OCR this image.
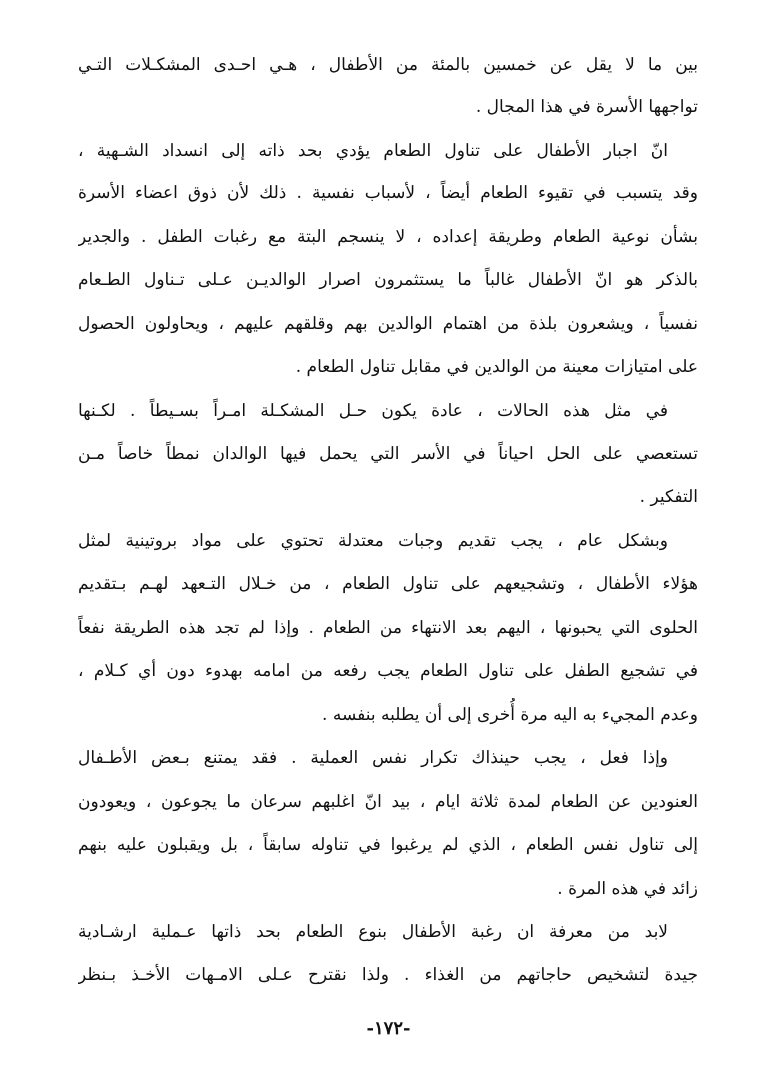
بين ما لا يقل عن خمسين بالمئة من الأطفال ، هـي احـدى المشكـلات التـي
تواجهها الأسرة في هذا المجال .
انّ اجبار الأطفال على تناول الطعام يؤدي بحد ذاته إلى انسداد الشـهية ،
وقد يتسبب في تقيوء الطعام أيضاً ، لأسباب نفسية . ذلك لأن ذوق اعضاء الأسرة
بشأن نوعية الطعام وطريقة إعداده ، لا ينسجم البتة مع رغبات الطفل . والجدير
بالذكر هو انّ الأطفال غالباً ما يستثمرون اصرار الوالديـن عـلى تـناول الطـعام
نفسياً ، ويشعرون بلذة من اهتمام الوالدين بهم وقلقهم عليهم ، ويحاولون الحصول
على امتيازات معينة من الوالدين في مقابل تناول الطعام .
في مثل هذه الحالات ، عادة يكون حـل المشكـلة امـراً بسـيطاً . لكـنها
تستعصي على الحل احياناً في الأسر التي يحمل فيها الوالدان نمطاً خاصاً مـن
التفكير .
وبشكل عام ، يجب تقديم وجبات معتدلة تحتوي على مواد بروتينية لمثل
هؤلاء الأطفال ، وتشجيعهم على تناول الطعام ، من خـلال التـعهد لهـم بـتقديم
الحلوى التي يحبونها ، اليهم بعد الانتهاء من الطعام . وإذا لم تجد هذه الطريقة نفعاً
في تشجيع الطفل على تناول الطعام يجب رفعه من امامه بهدوء دون أي كـلام ،
وعدم المجيء به اليه مرة أُخرى إلى أن يطلبه بنفسه .
وإذا فعل ، يجب حينذاك تكرار نفس العملية . فقد يمتنع بـعض الأطـفال
العنودين عن الطعام لمدة ثلاثة ايام ، بيد انّ اغلبهم سرعان ما يجوعون ، ويعودون
إلى تناول نفس الطعام ، الذي لم يرغبوا في تناوله سابقاً ، بل ويقبلون عليه بنهم
زائد في هذه المرة .
لابد من معرفة ان رغبة الأطفال بنوع الطعام بحد ذاتها عـملية ارشـادية
جيدة لتشخيص حاجاتهم من الغذاء . ولذا نقترح عـلى الامـهات الأخـذ بـنظر
-١٧٢-
